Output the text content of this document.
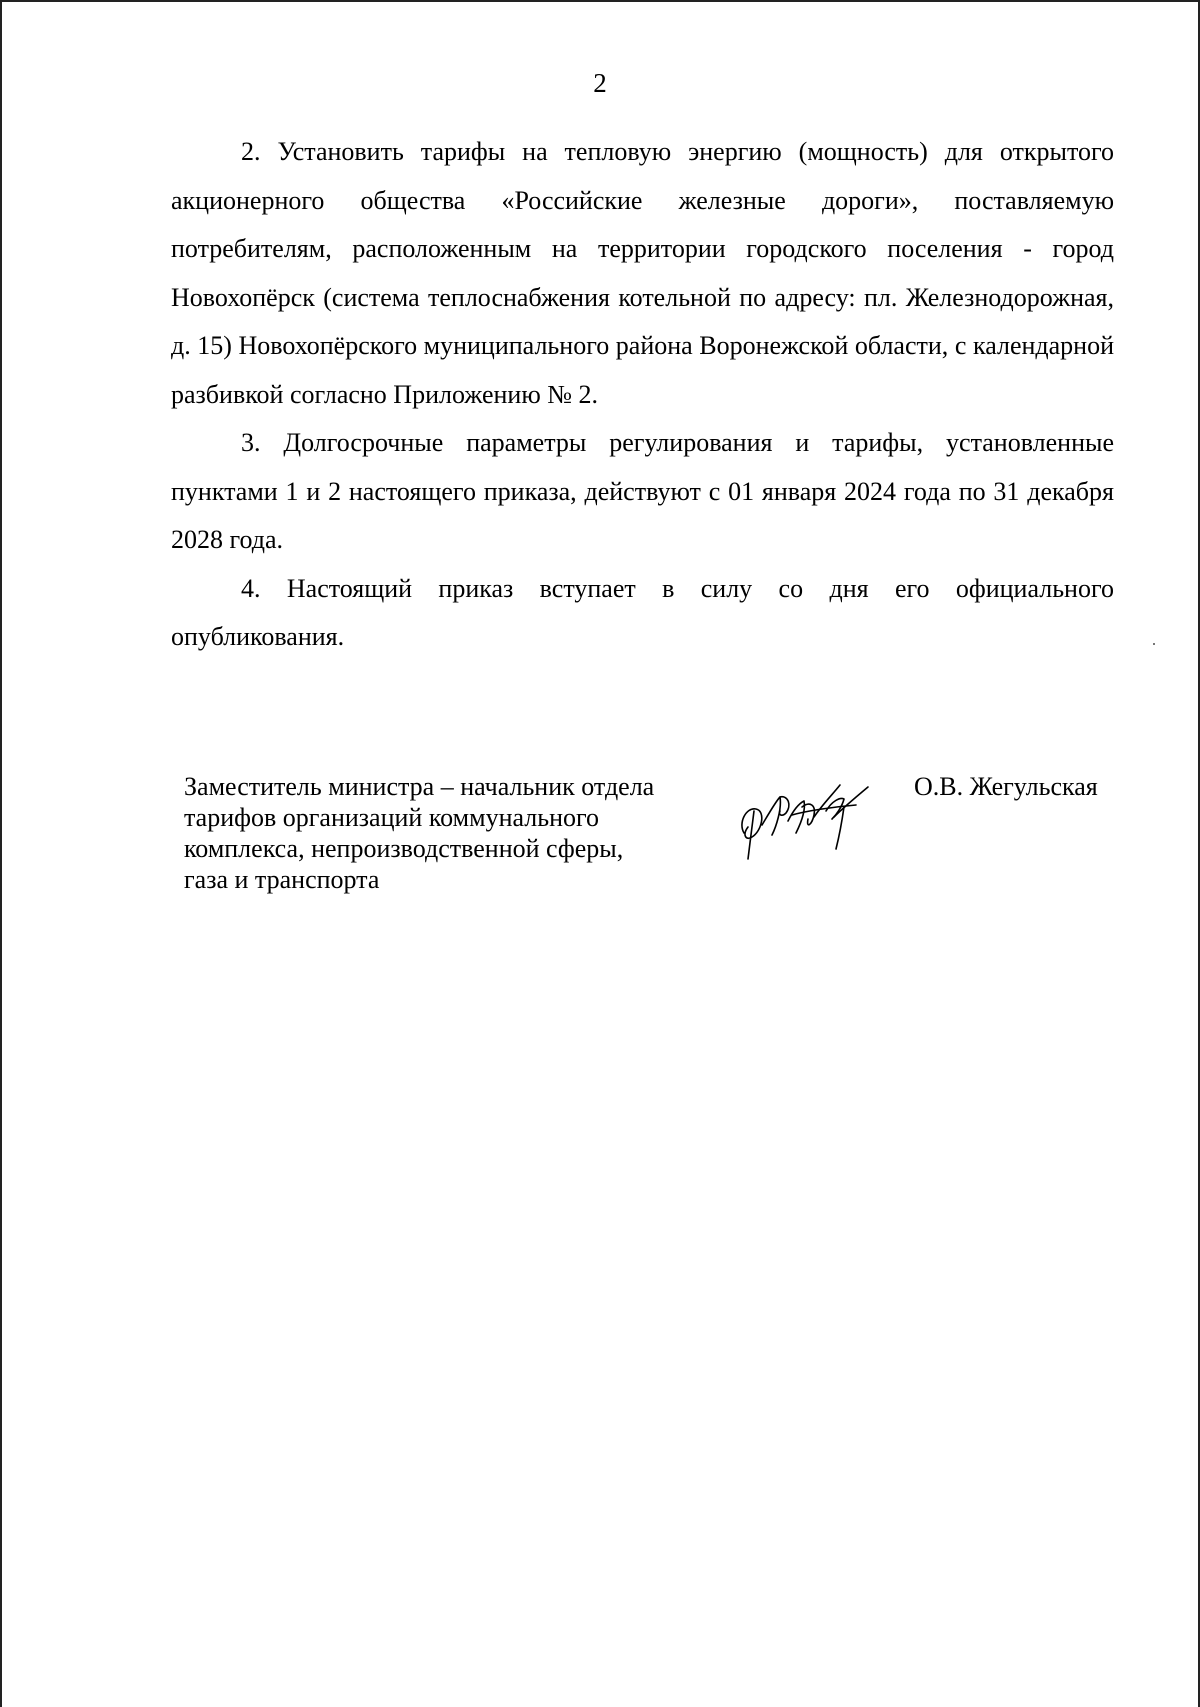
2

2. Установить тарифы на тепловую энергию (мощность) для открытого акционерного общества «Российские железные дороги», поставляемую потребителям, расположенным на территории городского поселения - город Новохопёрск (система теплоснабжения котельной по адресу: пл. Железнодорожная, д. 15) Новохопёрского муниципального района Воронежской области, с календарной разбивкой согласно Приложению № 2.

3. Долгосрочные параметры регулирования и тарифы, установленные пунктами 1 и 2 настоящего приказа, действуют с 01 января 2024 года по 31 декабря 2028 года.

4. Настоящий приказ вступает в силу со дня его официального опубликования.

Заместитель министра – начальник отдела
тарифов организаций коммунального
комплекса, непроизводственной сферы,
газа и транспорта
О.В. Жегульская
